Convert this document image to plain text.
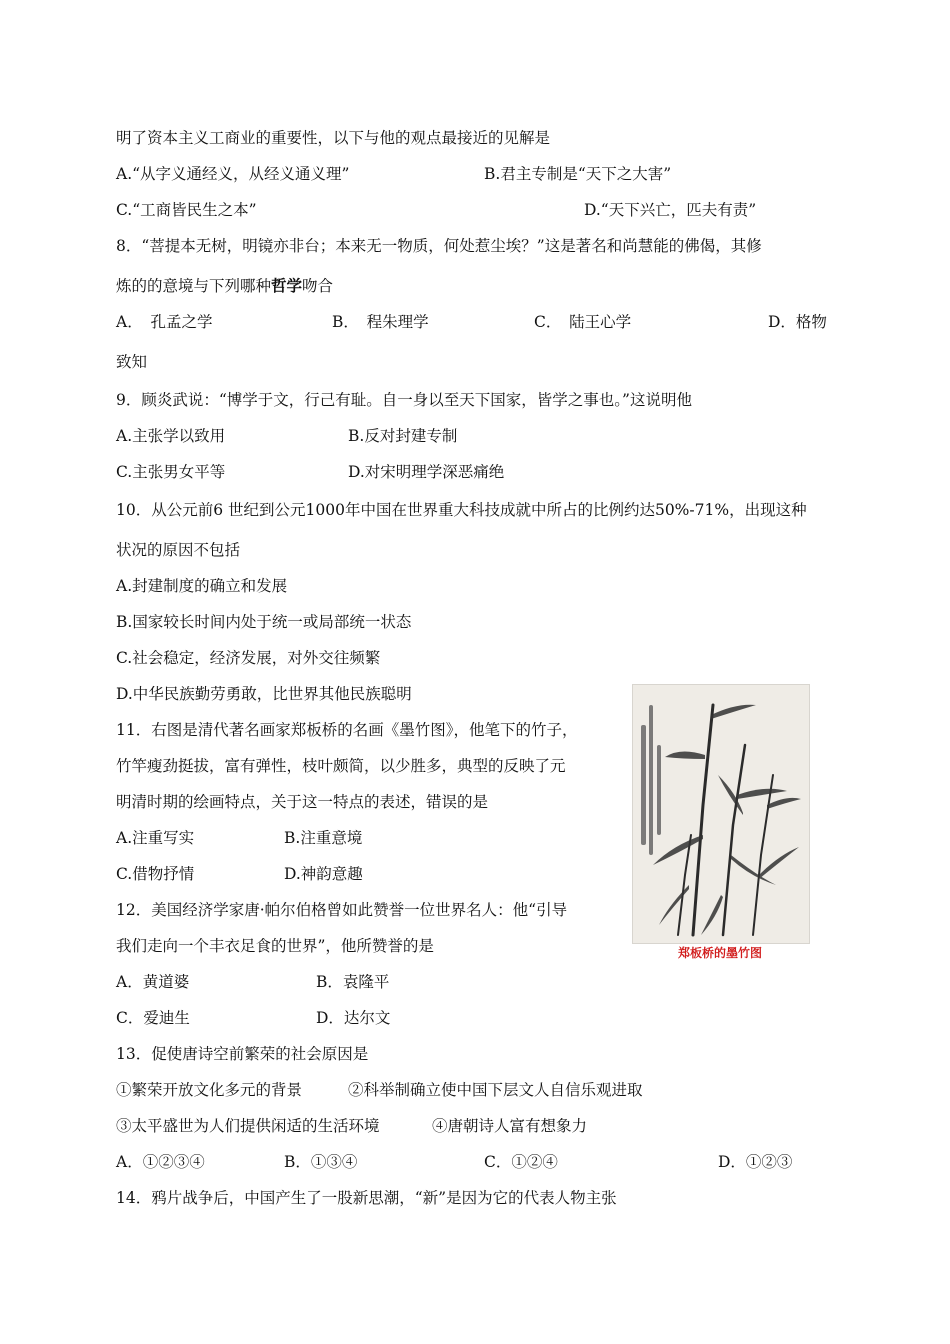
明了资本主义工商业的重要性，以下与他的观点最接近的见解是
A.“从字义通经义，从经义通义理”	B.君主专制是“天下之大害”
C.“工商皆民生之本”	D.“天下兴亡，匹夫有责”
8．“菩提本无树，明镜亦非台；本来无一物质，何处惹尘埃？”这是著名和尚慧能的佛偈，其修
炼的的意境与下列哪种哲学吻合
A．　孔孟之学	B．　程朱理学	C．　陆王心学	D．格物
致知
9．顾炎武说：“博学于文，行己有耻。自一身以至天下国家，皆学之事也。”这说明他
A.主张学以致用	B.反对封建专制
C.主张男女平等	D.对宋明理学深恶痛绝
10．从公元前6 世纪到公元1000年中国在世界重大科技成就中所占的比例约达50%-71%，出现这种
状况的原因不包括
A.封建制度的确立和发展
B.国家较长时间内处于统一或局部统一状态
C.社会稳定，经济发展，对外交往频繁
D.中华民族勤劳勇敢，比世界其他民族聪明
11．右图是清代著名画家郑板桥的名画《墨竹图》，他笔下的竹子，
竹竿瘦劲挺拔，富有弹性，枝叶颇简，以少胜多，典型的反映了元
明清时期的绘画特点，关于这一特点的表述，错误的是
A.注重写实	B.注重意境
C.借物抒情	D.神韵意趣
12．美国经济学家唐·帕尔伯格曾如此赞誉一位世界名人：他“引导
我们走向一个丰衣足食的世界”，他所赞誉的是
A．黄道婆	B．袁隆平
C．爱迪生	D．达尔文
13．促使唐诗空前繁荣的社会原因是
①繁荣开放文化多元的背景	②科举制确立使中国下层文人自信乐观进取
③太平盛世为人们提供闲适的生活环境	④唐朝诗人富有想象力
A．①②③④	B．①③④	C．①②④	D．①②③
14．鸦片战争后，中国产生了一股新思潮，“新”是因为它的代表人物主张
郑板桥的墨竹图
